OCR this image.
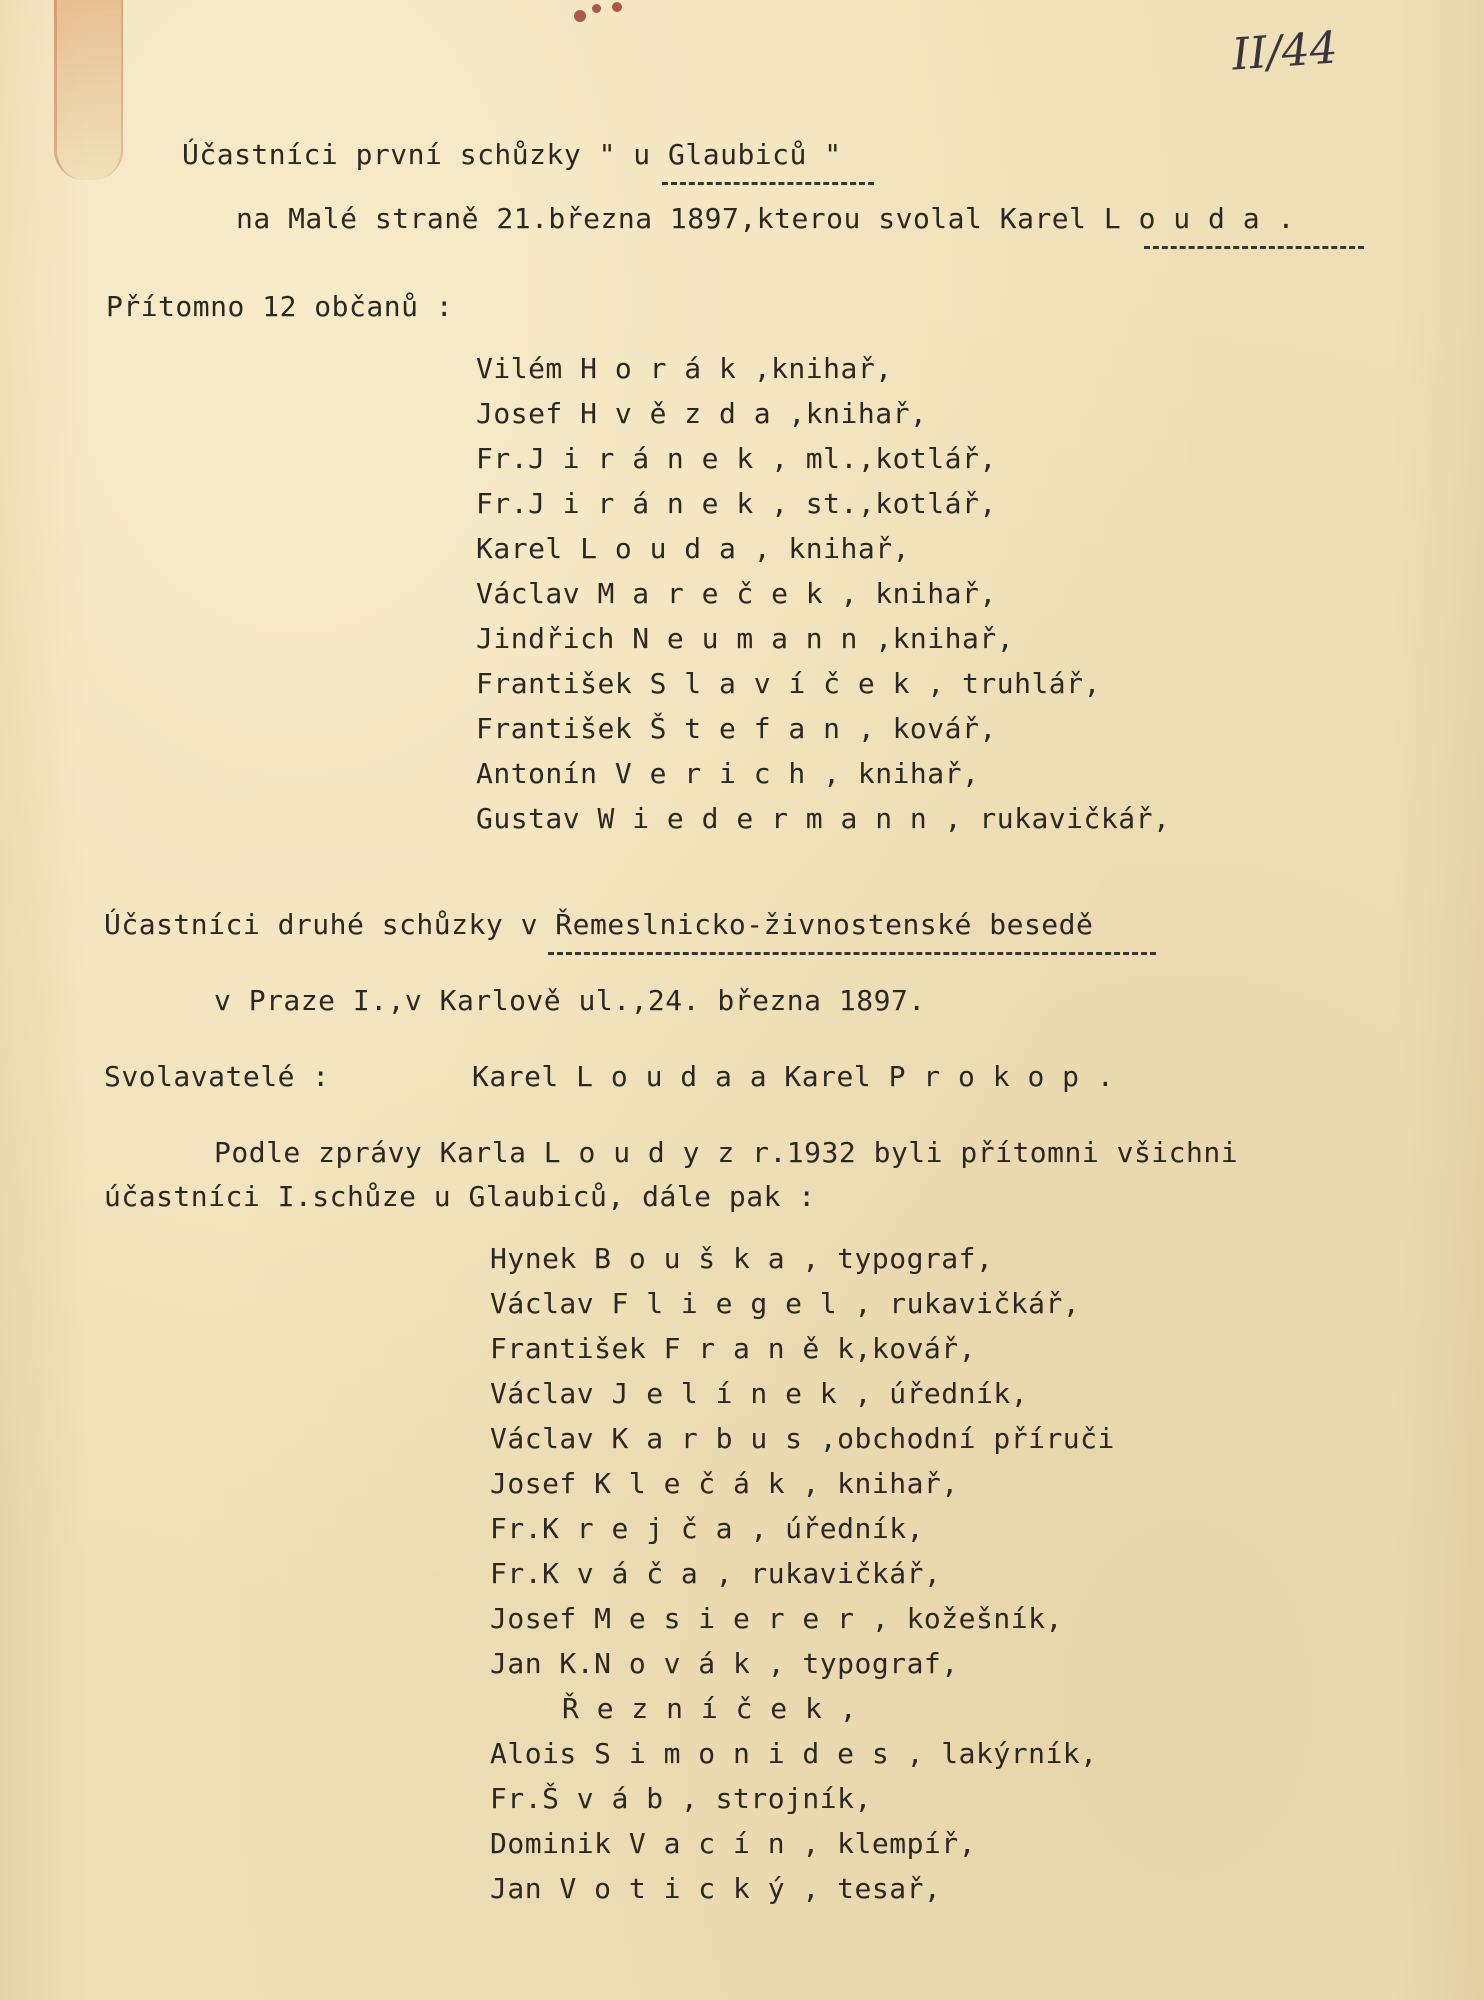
II/44
Účastníci první schůzky " u Glaubiců "
na Malé straně 21.března 1897,kterou svolal Karel L o u d a .
Přítomno 12 občanů :
Vilém H o r á k ,knihař,
Josef H v ě z d a ,knihař,
Fr.J i r á n e k , ml.,kotlář,
Fr.J i r á n e k , st.,kotlář,
Karel L o u d a , knihař,
Václav M a r e č e k , knihař,
Jindřich N e u m a n n ,knihař,
František S l a v í č e k , truhlář,
František Š t e f a n , kovář,
Antonín V e r i c h , knihař,
Gustav W i e d e r m a n n , rukavičkář,
Účastníci druhé schůzky v Řemeslnicko-živnostenské besedě
v Praze I.,v Karlově ul.,24. března 1897.
Svolavatelé :	Karel L o u d a a Karel P r o k o p .
Podle zprávy Karla L o u d y z r.1932 byli přítomni všichni
účastníci I.schůze u Glaubiců, dále pak :
Hynek B o u š k a , typograf,
Václav F l i e g e l , rukavičkář,
František F r a n ě k,kovář,
Václav J e l í n e k , úředník,
Václav K a r b u s ,obchodní příruči
Josef K l e č á k , knihař,
Fr.K r e j č a , úředník,
Fr.K v á č a , rukavičkář,
Josef M e s i e r e r , kožešník,
Jan K.N o v á k , typograf,
Ř e z n í č e k ,
Alois S i m o n i d e s , lakýrník,
Fr.Š v á b , strojník,
Dominik V a c í n , klempíř,
Jan V o t i c k ý , tesař,
